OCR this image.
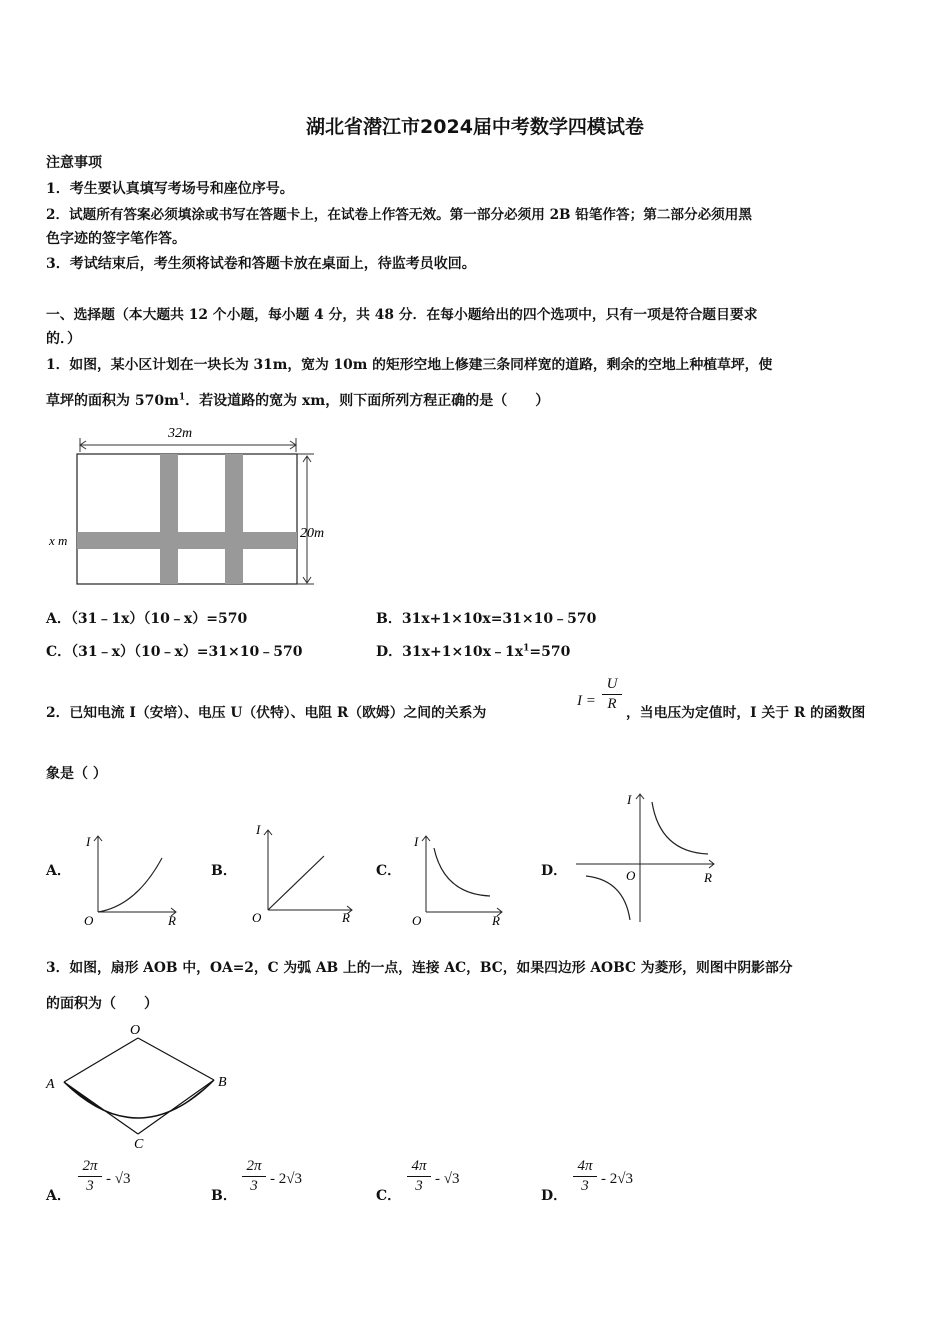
湖北省潜江市2024届中考数学四模试卷
注意事项
1．考生要认真填写考场号和座位序号。
2．试题所有答案必须填涂或书写在答题卡上，在试卷上作答无效。第一部分必须用 2B 铅笔作答；第二部分必须用黑
色字迹的签字笔作答。
3．考试结束后，考生须将试卷和答题卡放在桌面上，待监考员收回。
一、选择题（本大题共 12 个小题，每小题 4 分，共 48 分．在每小题给出的四个选项中，只有一项是符合题目要求
的．）
1．如图，某小区计划在一块长为 31m，宽为 10m 的矩形空地上修建三条同样宽的道路，剩余的空地上种植草坪，使
草坪的面积为 $570m^1$．若设道路的宽为 xm，则下面所列方程正确的是（　　）
32m
20m
x m
A．（31﹣1x）（10﹣x）=570	B．31x+1×10x=31×10﹣570
C．（31﹣x）（10﹣x）=31×10﹣570	D．$31x+1\times 10x﹣1x^1=570$
2．已知电流 I（安培）、电压 U（伏特）、电阻 R（欧姆）之间的关系为
I =
U
R
，当电压为定值时，I 关于 R 的函数图
象是（ ）
A．
I
R
O
B．
I
R
O
C．
I
R
O
D．
I
R
O
3．如图，扇形 AOB 中，OA=2，C 为弧 AB 上的一点，连接 AC，BC，如果四边形 AOBC 为菱形，则图中阴影部分
的面积为（　　）
O
A	B
C
A．
2π
3 - √3
B．
2π
3 - 2√3
C．
4π
3 - √3
D．
4π
3 - 2√3
